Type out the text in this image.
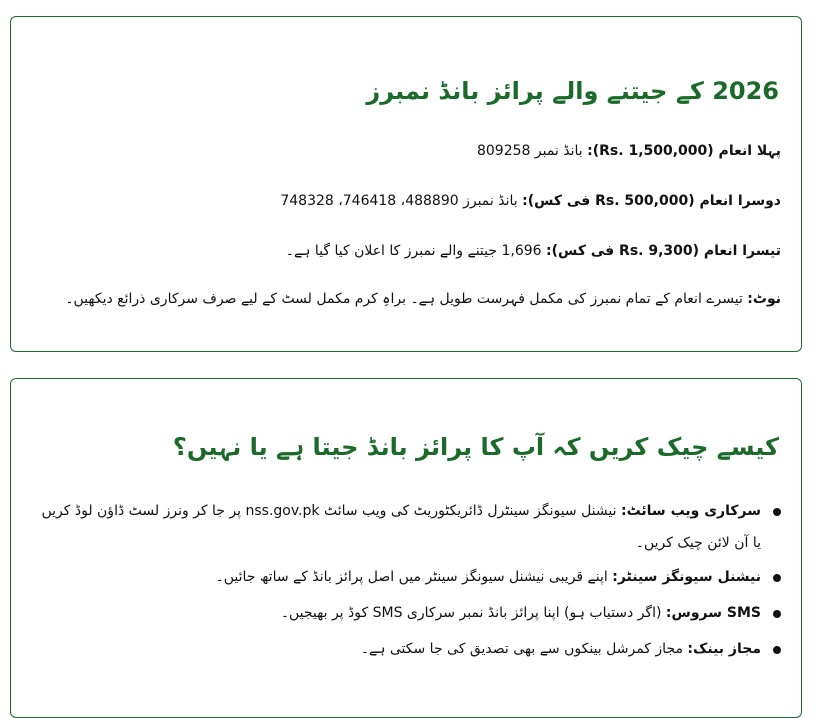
2026 کے جیتنے والے پرائز بانڈ نمبرز
پہلا انعام (Rs. 1,500,000): بانڈ نمبر 809258
دوسرا انعام (Rs. 500,000 فی کس): بانڈ نمبرز 488890، 746418، 748328
تیسرا انعام (Rs. 9,300 فی کس): 1,696 جیتنے والے نمبرز کا اعلان کیا گیا ہے۔
نوٹ: تیسرے انعام کے تمام نمبرز کی مکمل فہرست طویل ہے۔ براہِ کرم مکمل لسٹ کے لیے صرف سرکاری ذرائع دیکھیں۔
کیسے چیک کریں کہ آپ کا پرائز بانڈ جیتا ہے یا نہیں؟
سرکاری ویب سائٹ: نیشنل سیونگز سینٹرل ڈائریکٹوریٹ کی ویب سائٹ nss.gov.pk پر جا کر ونرز لسٹ ڈاؤن لوڈ کریں یا آن لائن چیک کریں۔
نیشنل سیونگز سینٹر: اپنے قریبی نیشنل سیونگز سینٹر میں اصل پرائز بانڈ کے ساتھ جائیں۔
SMS سروس: (اگر دستیاب ہو) اپنا پرائز بانڈ نمبر سرکاری SMS کوڈ پر بھیجیں۔
مجاز بینک: مجاز کمرشل بینکوں سے بھی تصدیق کی جا سکتی ہے۔
